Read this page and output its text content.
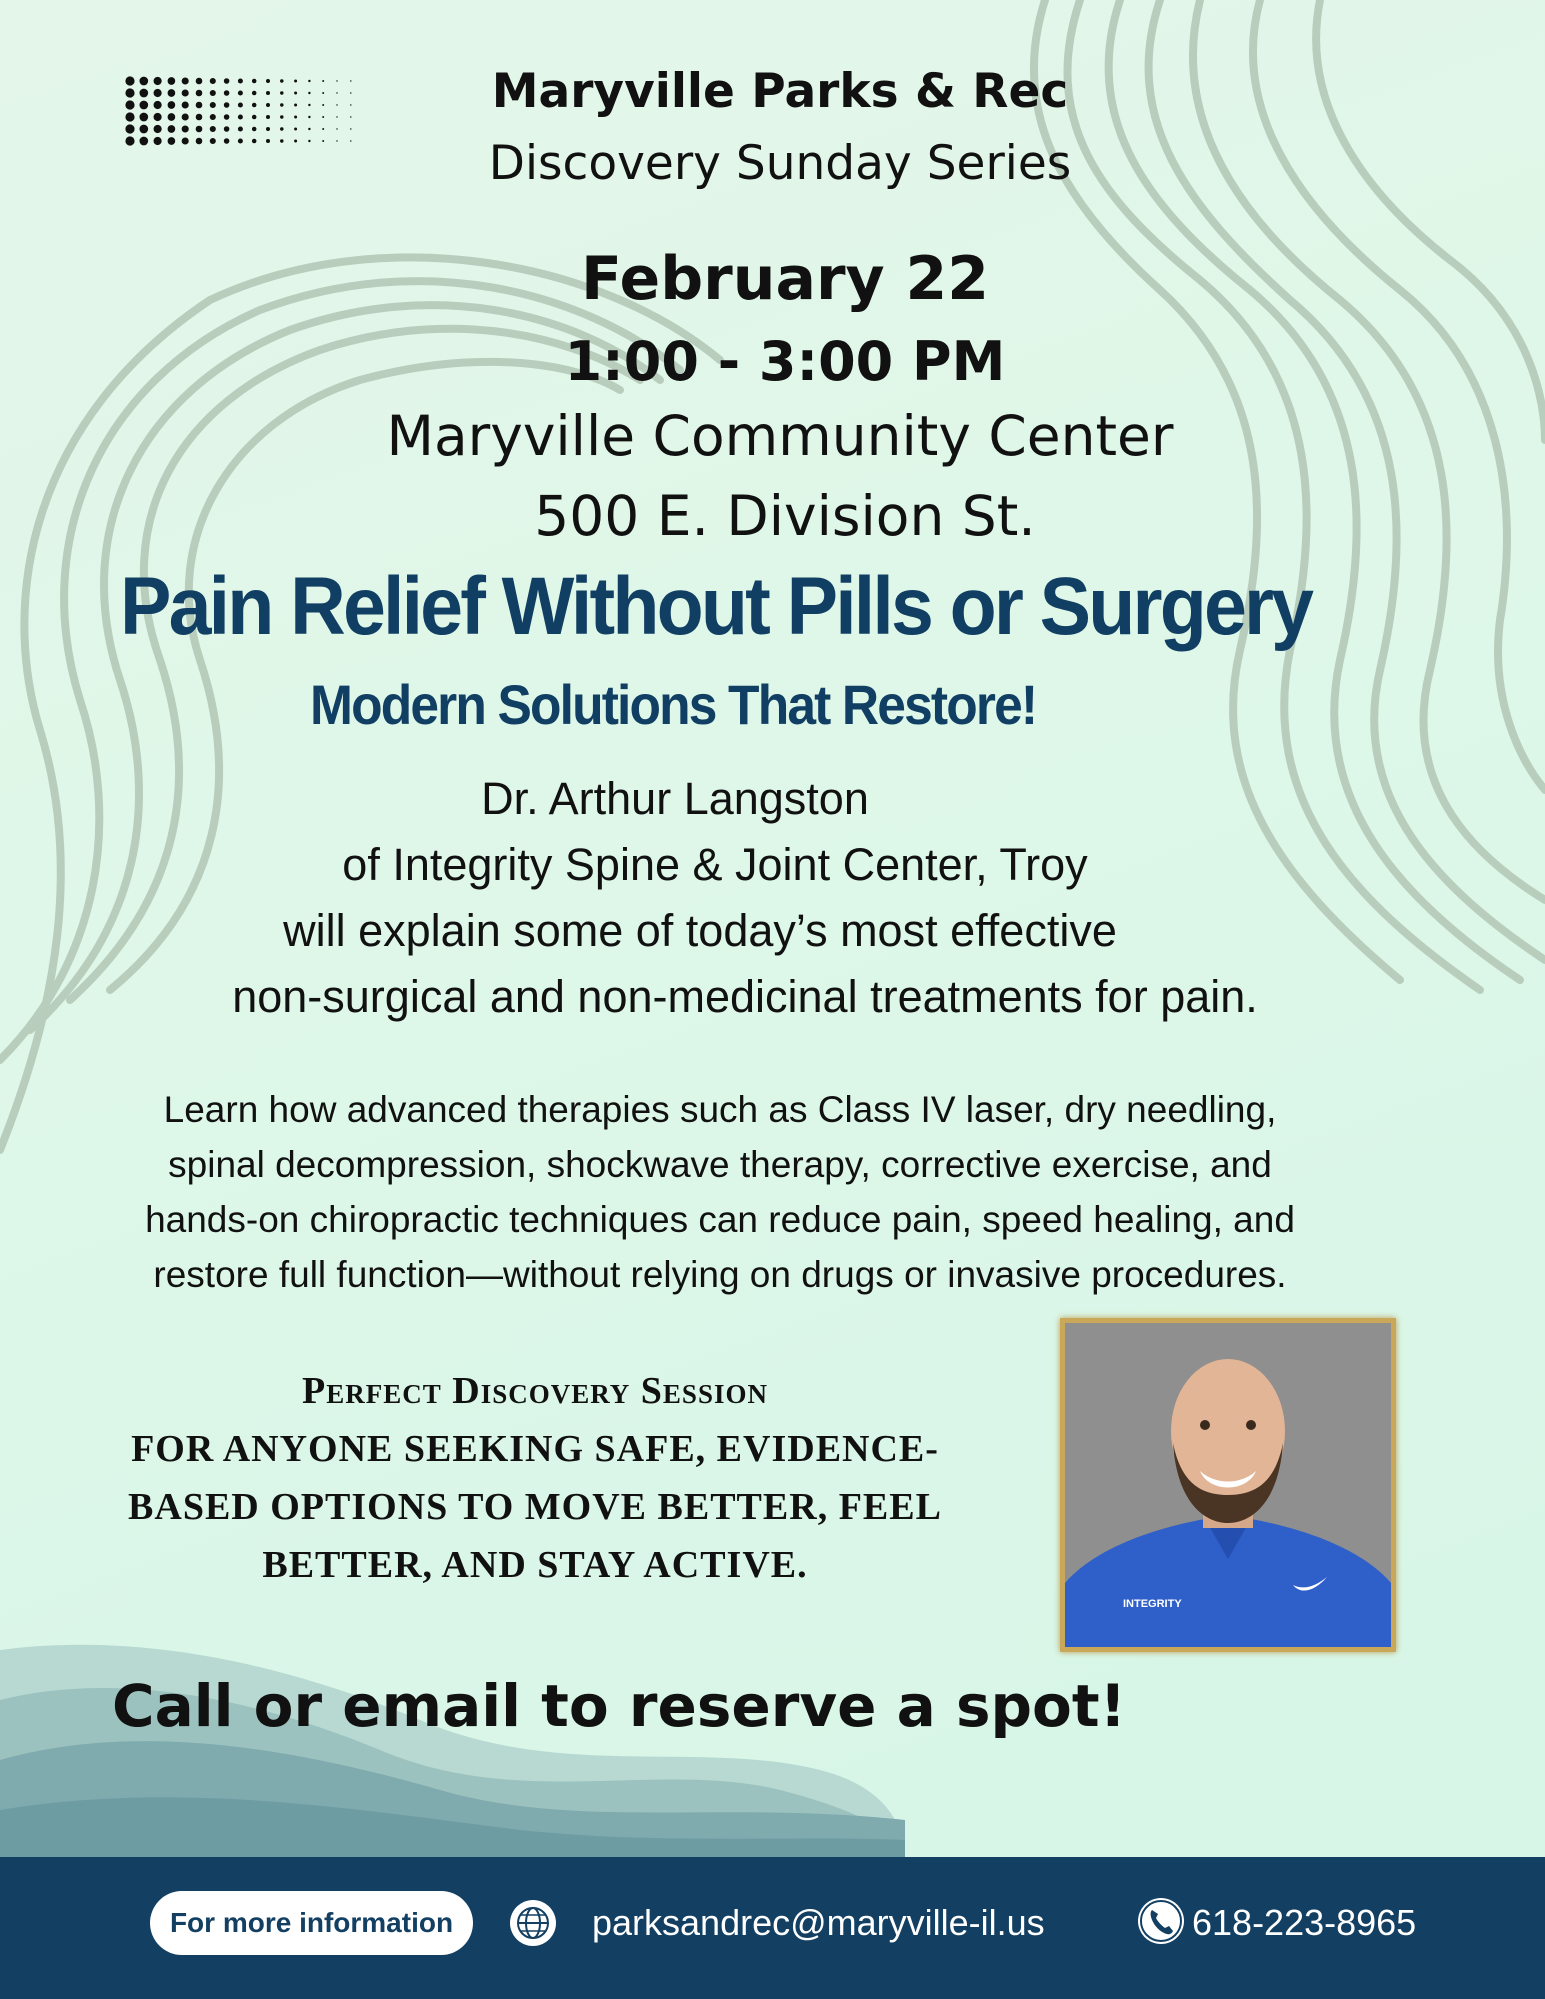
Maryville Parks & Rec
Discovery Sunday Series
February 22
1:00 - 3:00 PM
Maryville Community Center
500 E. Division St.
Pain Relief Without Pills or Surgery
Modern Solutions That Restore!
Dr. Arthur Langston
of Integrity Spine & Joint Center, Troy
will explain some of today’s most effective
non-surgical and non-medicinal treatments for pain.
Learn how advanced therapies such as Class IV laser, dry needling,
spinal decompression, shockwave therapy, corrective exercise, and
hands-on chiropractic techniques can reduce pain, speed healing, and
restore full function—without relying on drugs or invasive procedures.
Perfect Discovery Session
FOR ANYONE SEEKING SAFE, EVIDENCE-
BASED OPTIONS TO MOVE BETTER, FEEL
BETTER, AND STAY ACTIVE.
INTEGRITY
Call or email to reserve a spot!
For more information	parksandrec@maryville-il.us	618-223-8965
